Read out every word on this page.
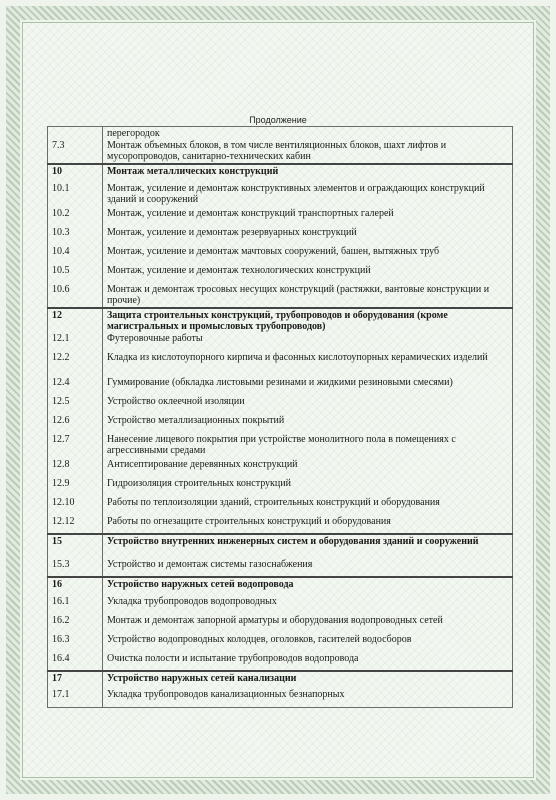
Продолжение
	перегородок
7.3	Монтаж объемных блоков, в том числе вентиляционных блоков, шахт лифтов и мусоропроводов, санитарно-технических кабин
10	Монтаж металлических конструкций
10.1	Монтаж, усиление и демонтаж конструктивных элементов и ограждающих конструкций зданий и сооружений
10.2	Монтаж, усиление и демонтаж конструкций транспортных галерей
10.3	Монтаж, усиление и демонтаж резервуарных конструкций
10.4	Монтаж, усиление и демонтаж мачтовых сооружений, башен, вытяжных труб
10.5	Монтаж, усиление и демонтаж технологических конструкций
10.6	Монтаж и демонтаж тросовых несущих конструкций (растяжки, вантовые конструкции и прочие)
12	Защита строительных конструкций, трубопроводов и оборудования (кроме магистральных и промысловых трубопроводов)
12.1	Футеровочные работы
12.2	Кладка из кислотоупорного кирпича и фасонных кислотоупорных керамических изделий
12.4	Гуммирование (обкладка листовыми резинами и жидкими резиновыми смесями)
12.5	Устройство оклеечной изоляции
12.6	Устройство металлизационных покрытий
12.7	Нанесение лицевого покрытия при устройстве монолитного пола в помещениях с агрессивными средами
12.8	Антисептирование деревянных конструкций
12.9	Гидроизоляция строительных конструкций
12.10	Работы по теплоизоляции зданий, строительных конструкций и оборудования
12.12	Работы по огнезащите строительных конструкций и оборудования
15	Устройство внутренних инженерных систем и оборудования зданий и сооружений
15.3	Устройство и демонтаж системы газоснабжения
16	Устройство наружных сетей водопровода
16.1	Укладка трубопроводов водопроводных
16.2	Монтаж и демонтаж запорной арматуры и оборудования водопроводных сетей
16.3	Устройство водопроводных колодцев, оголовков, гасителей водосборов
16.4	Очистка полости и испытание трубопроводов водопровода
17	Устройство наружных сетей канализации
17.1	Укладка трубопроводов канализационных безнапорных
